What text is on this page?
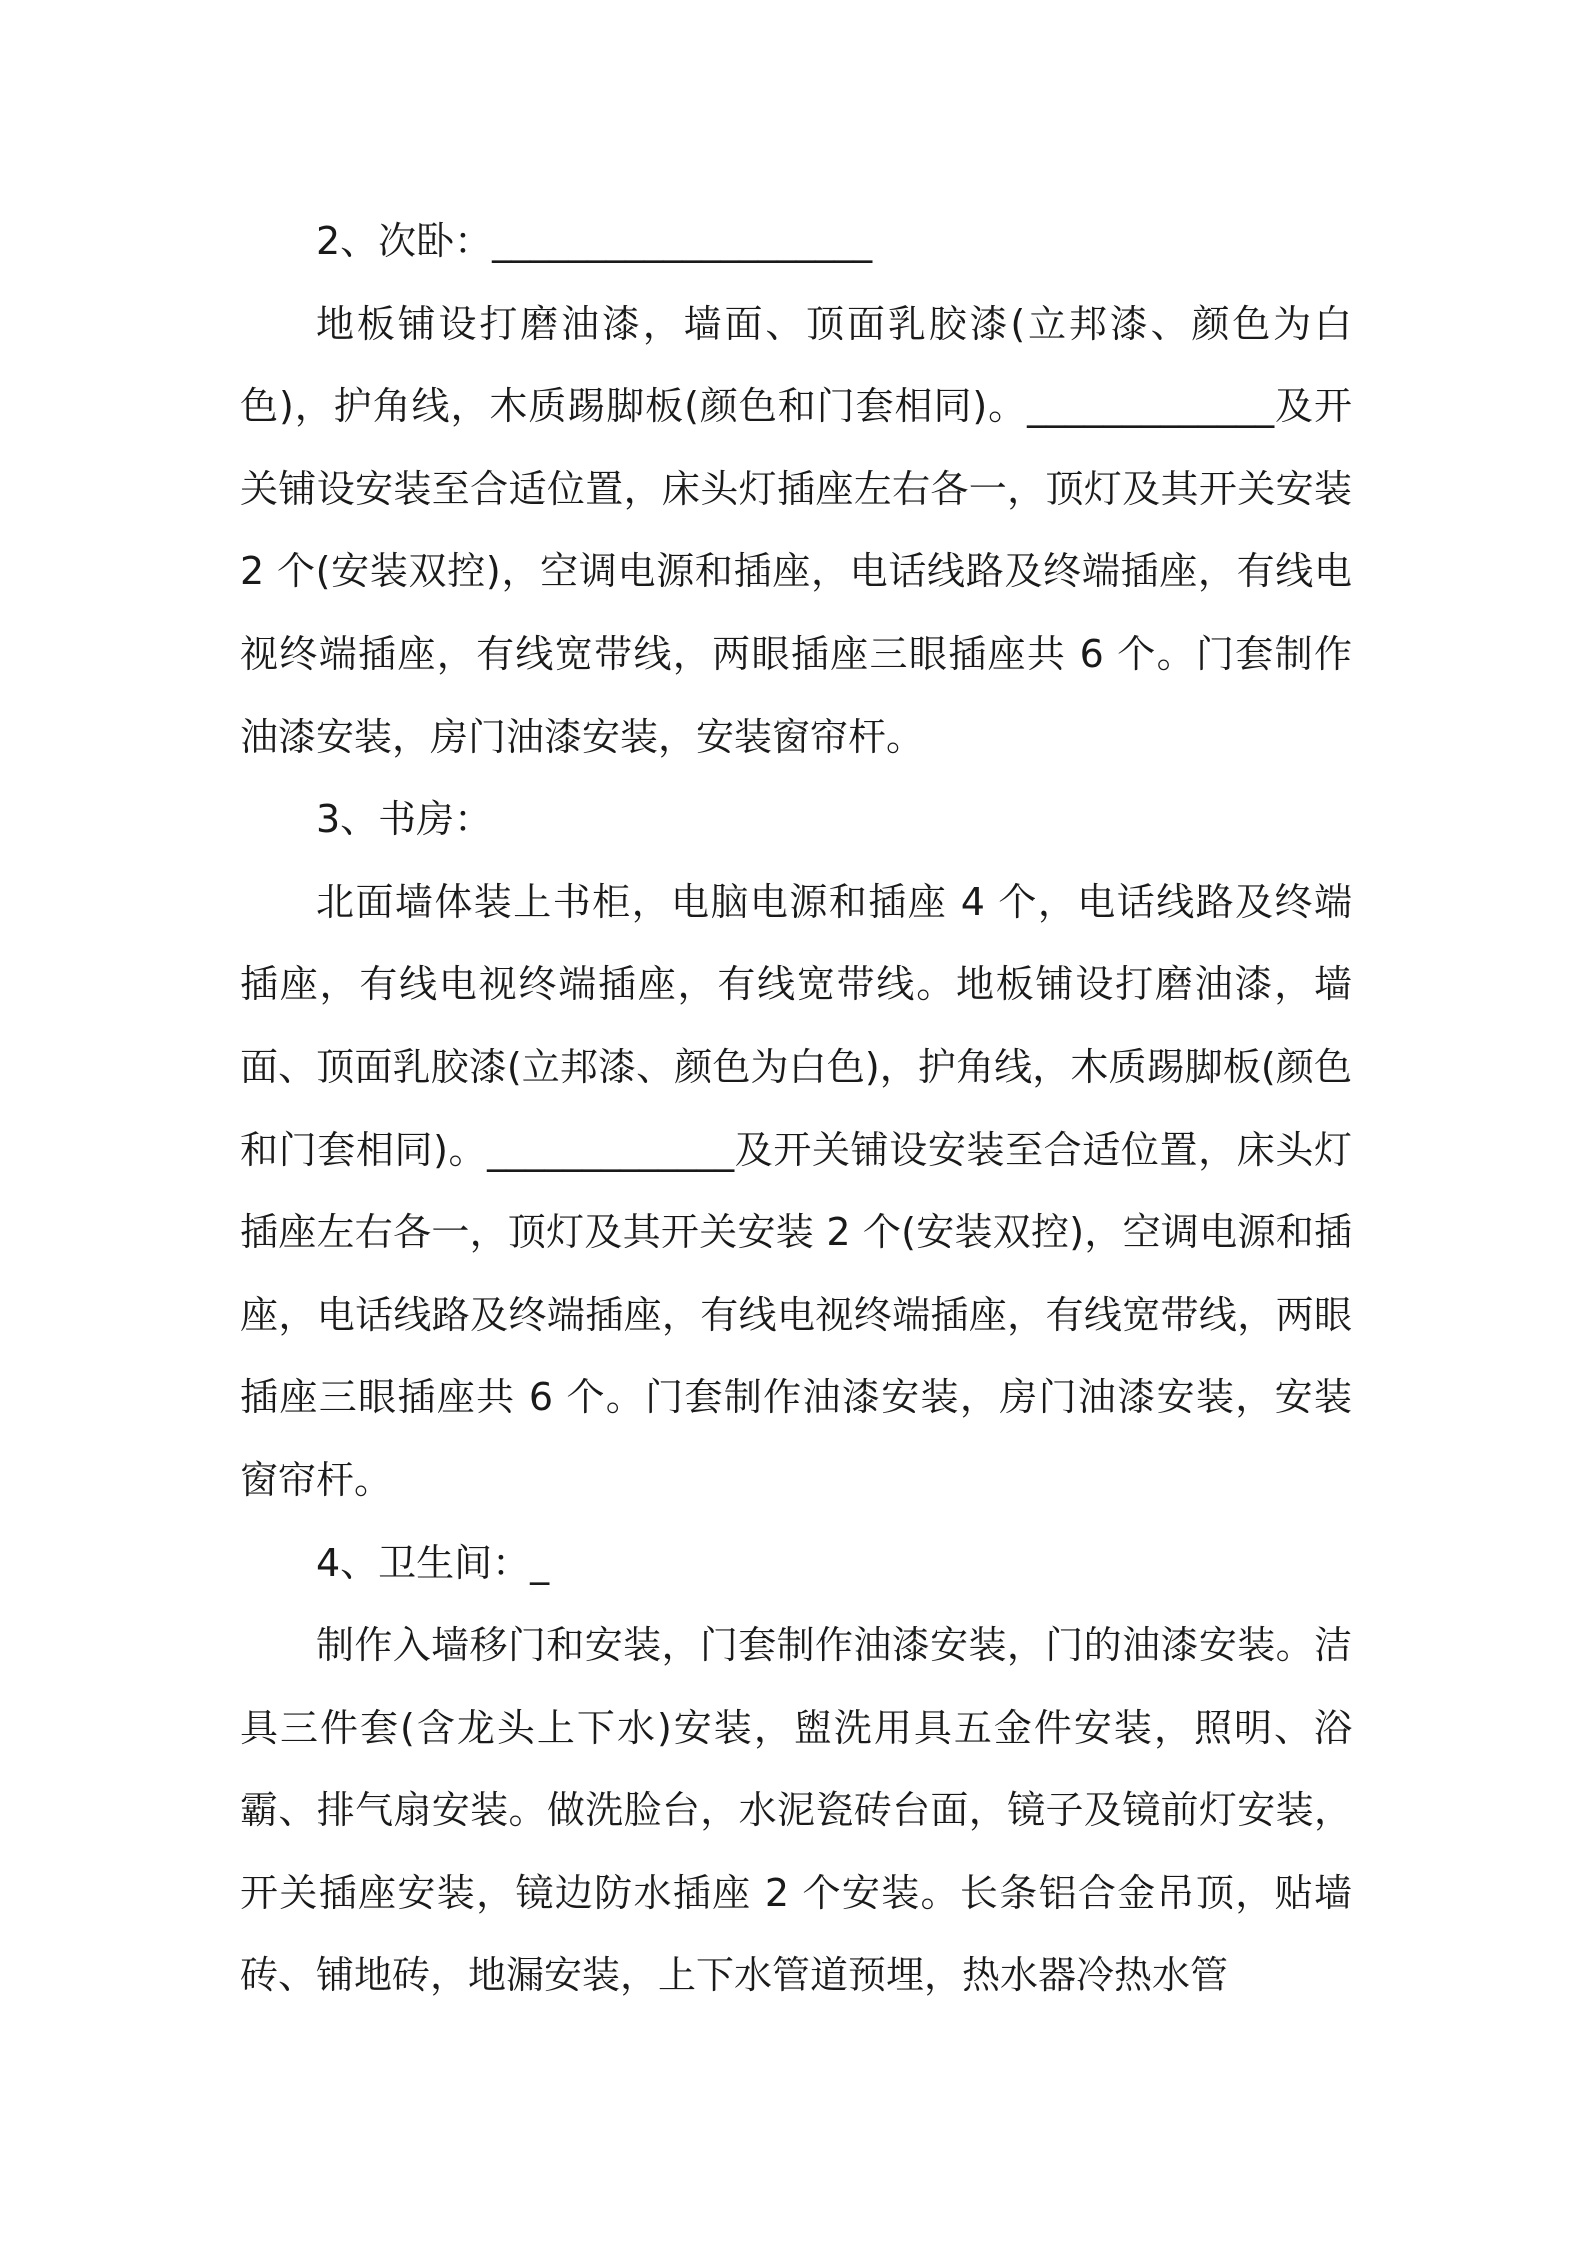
2、次卧：____________________

地板铺设打磨油漆，墙面、顶面乳胶漆(立邦漆、颜色为白色)，护角线，木质踢脚板(颜色和门套相同)。_____________及开关铺设安装至合适位置，床头灯插座左右各一，顶灯及其开关安装 2 个(安装双控)，空调电源和插座，电话线路及终端插座，有线电视终端插座，有线宽带线，两眼插座三眼插座共 6 个。门套制作油漆安装，房门油漆安装，安装窗帘杆。

3、书房：

北面墙体装上书柜，电脑电源和插座 4 个，电话线路及终端插座，有线电视终端插座，有线宽带线。地板铺设打磨油漆，墙面、顶面乳胶漆(立邦漆、颜色为白色)，护角线，木质踢脚板(颜色和门套相同)。_____________及开关铺设安装至合适位置，床头灯插座左右各一，顶灯及其开关安装 2 个(安装双控)，空调电源和插座，电话线路及终端插座，有线电视终端插座，有线宽带线，两眼插座三眼插座共 6 个。门套制作油漆安装，房门油漆安装，安装窗帘杆。

4、卫生间：_

制作入墙移门和安装，门套制作油漆安装，门的油漆安装。洁具三件套(含龙头上下水)安装，盥洗用具五金件安装，照明、浴霸、排气扇安装。做洗脸台，水泥瓷砖台面，镜子及镜前灯安装，开关插座安装，镜边防水插座 2 个安装。长条铝合金吊顶，贴墙砖、铺地砖，地漏安装，上下水管道预埋，热水器冷热水管
